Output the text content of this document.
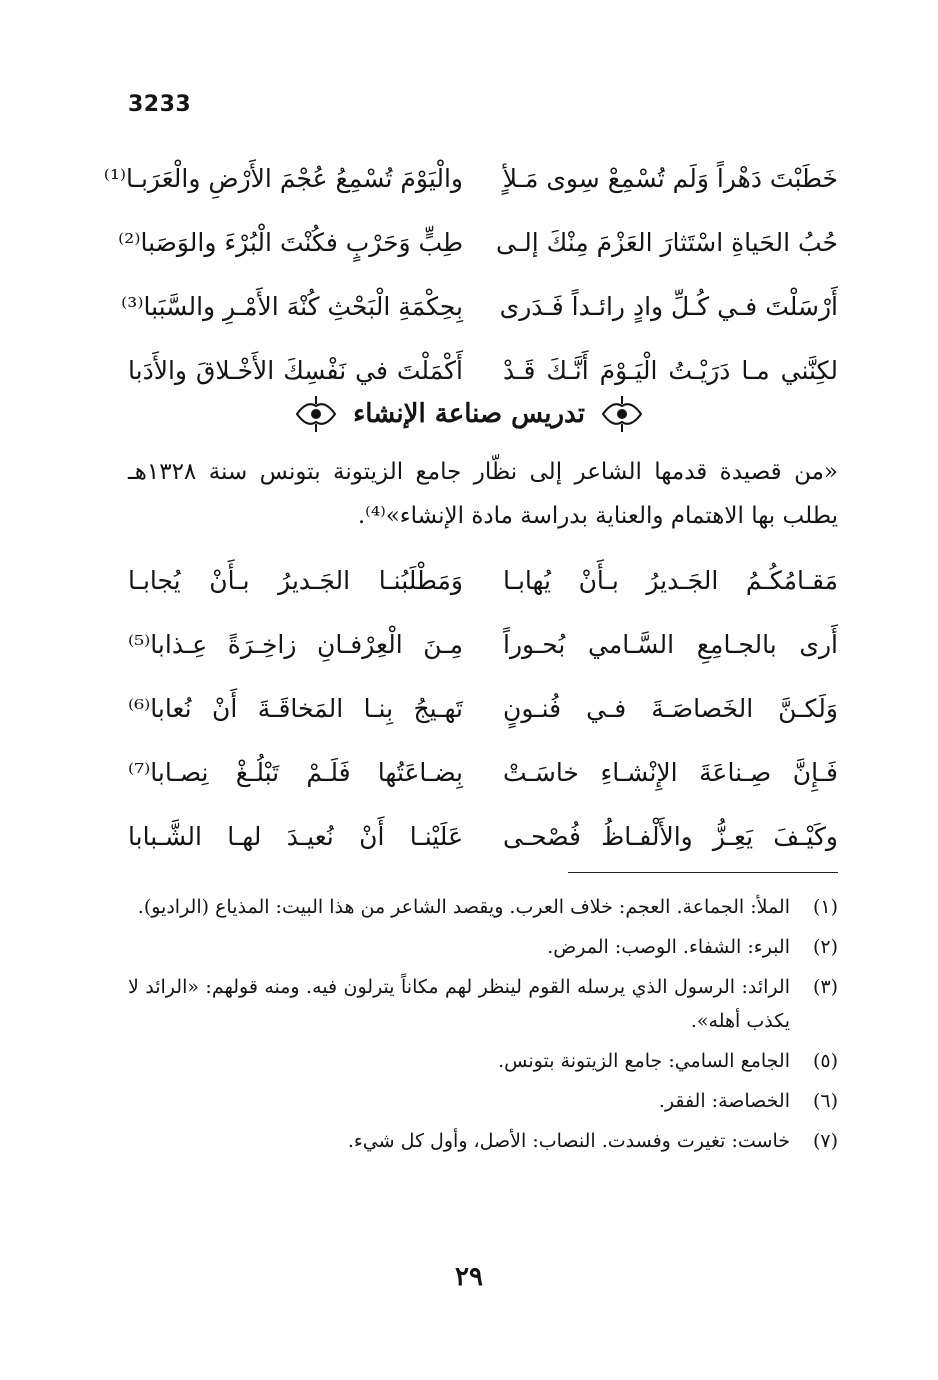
3233
خَطَبْتَ دَهْراً وَلَم تُسْمِعْ سِوى مَـلأٍ
والْيَوْمَ تُسْمِعُ عُجْمَ الأَرْضِ والْعَرَبـا⁽¹⁾
حُبُ الحَياةِ اسْتَثارَ العَزْمَ مِنْكَ إلـى
طِبٍّ وَحَرْبٍ فكُنْتَ الْبُرْءَ والوَصَبا⁽²⁾
أَرْسَلْتَ فـي كُـلِّ وادٍ رائـداً فَـدَرى
بِحِكْمَةِ الْبَحْثِ كُنْهَ الأَمْـرِ والسَّبَبا⁽³⁾
لكِنَّني مـا دَرَيْـتُ الْيَـوْمَ أَنَّـكَ قَـدْ
أَكْمَلْتَ في نَفْسِكَ الأَخْـلاقَ والأَدَبا
تدريس صناعة الإنشاء
«من قصيدة قدمها الشاعر إلى نظّار جامع الزيتونة بتونس سنة ١٣٢٨هـ يطلب بها الاهتمام والعناية بدراسة مادة الإنشاء»⁽⁴⁾.
مَقـامُكُـمُ الجَـديرُ بـأَنْ يُهابـا
وَمَطْلَبُنـا الجَـديرُ بـأَنْ يُجابـا
أَرى بالجـامِعِ السَّـامي بُحـوراً
مِـنَ الْعِرْفـانِ زاخِـرَةً عِـذابا⁽⁵⁾
وَلَكـنَّ الخَصاصَـةَ فـي فُنـونٍ
تَهـيجُ بِنـا المَخاقَـةَ أَنْ نُعابا⁽⁶⁾
فَـإِنَّ صِـناعَةَ الإِنْشـاءِ خاسَـتْ
بِضـاعَتُها فَلَـمْ تَبْلُـغْ نِصـابا⁽⁷⁾
وكَيْـفَ يَعِـزُّ والأَلْفـاظُ فُصْحـى
عَلَيْنـا أَنْ نُعيـدَ لهـا الشَّـبابا
(١)
الملأ: الجماعة. العجم: خلاف العرب. ويقصد الشاعر من هذا البيت: المذياع (الراديو).
(٢)
البرء: الشفاء. الوصب: المرض.
(٣)
الرائد: الرسول الذي يرسله القوم لينظر لهم مكاناً يترلون فيه. ومنه قولهم: «الرائد لا يكذب أهله».
(٥)
الجامع السامي: جامع الزيتونة بتونس.
(٦)
الخصاصة: الفقر.
(٧)
خاست: تغيرت وفسدت. النصاب: الأصل، وأول كل شيء.
٢٩
